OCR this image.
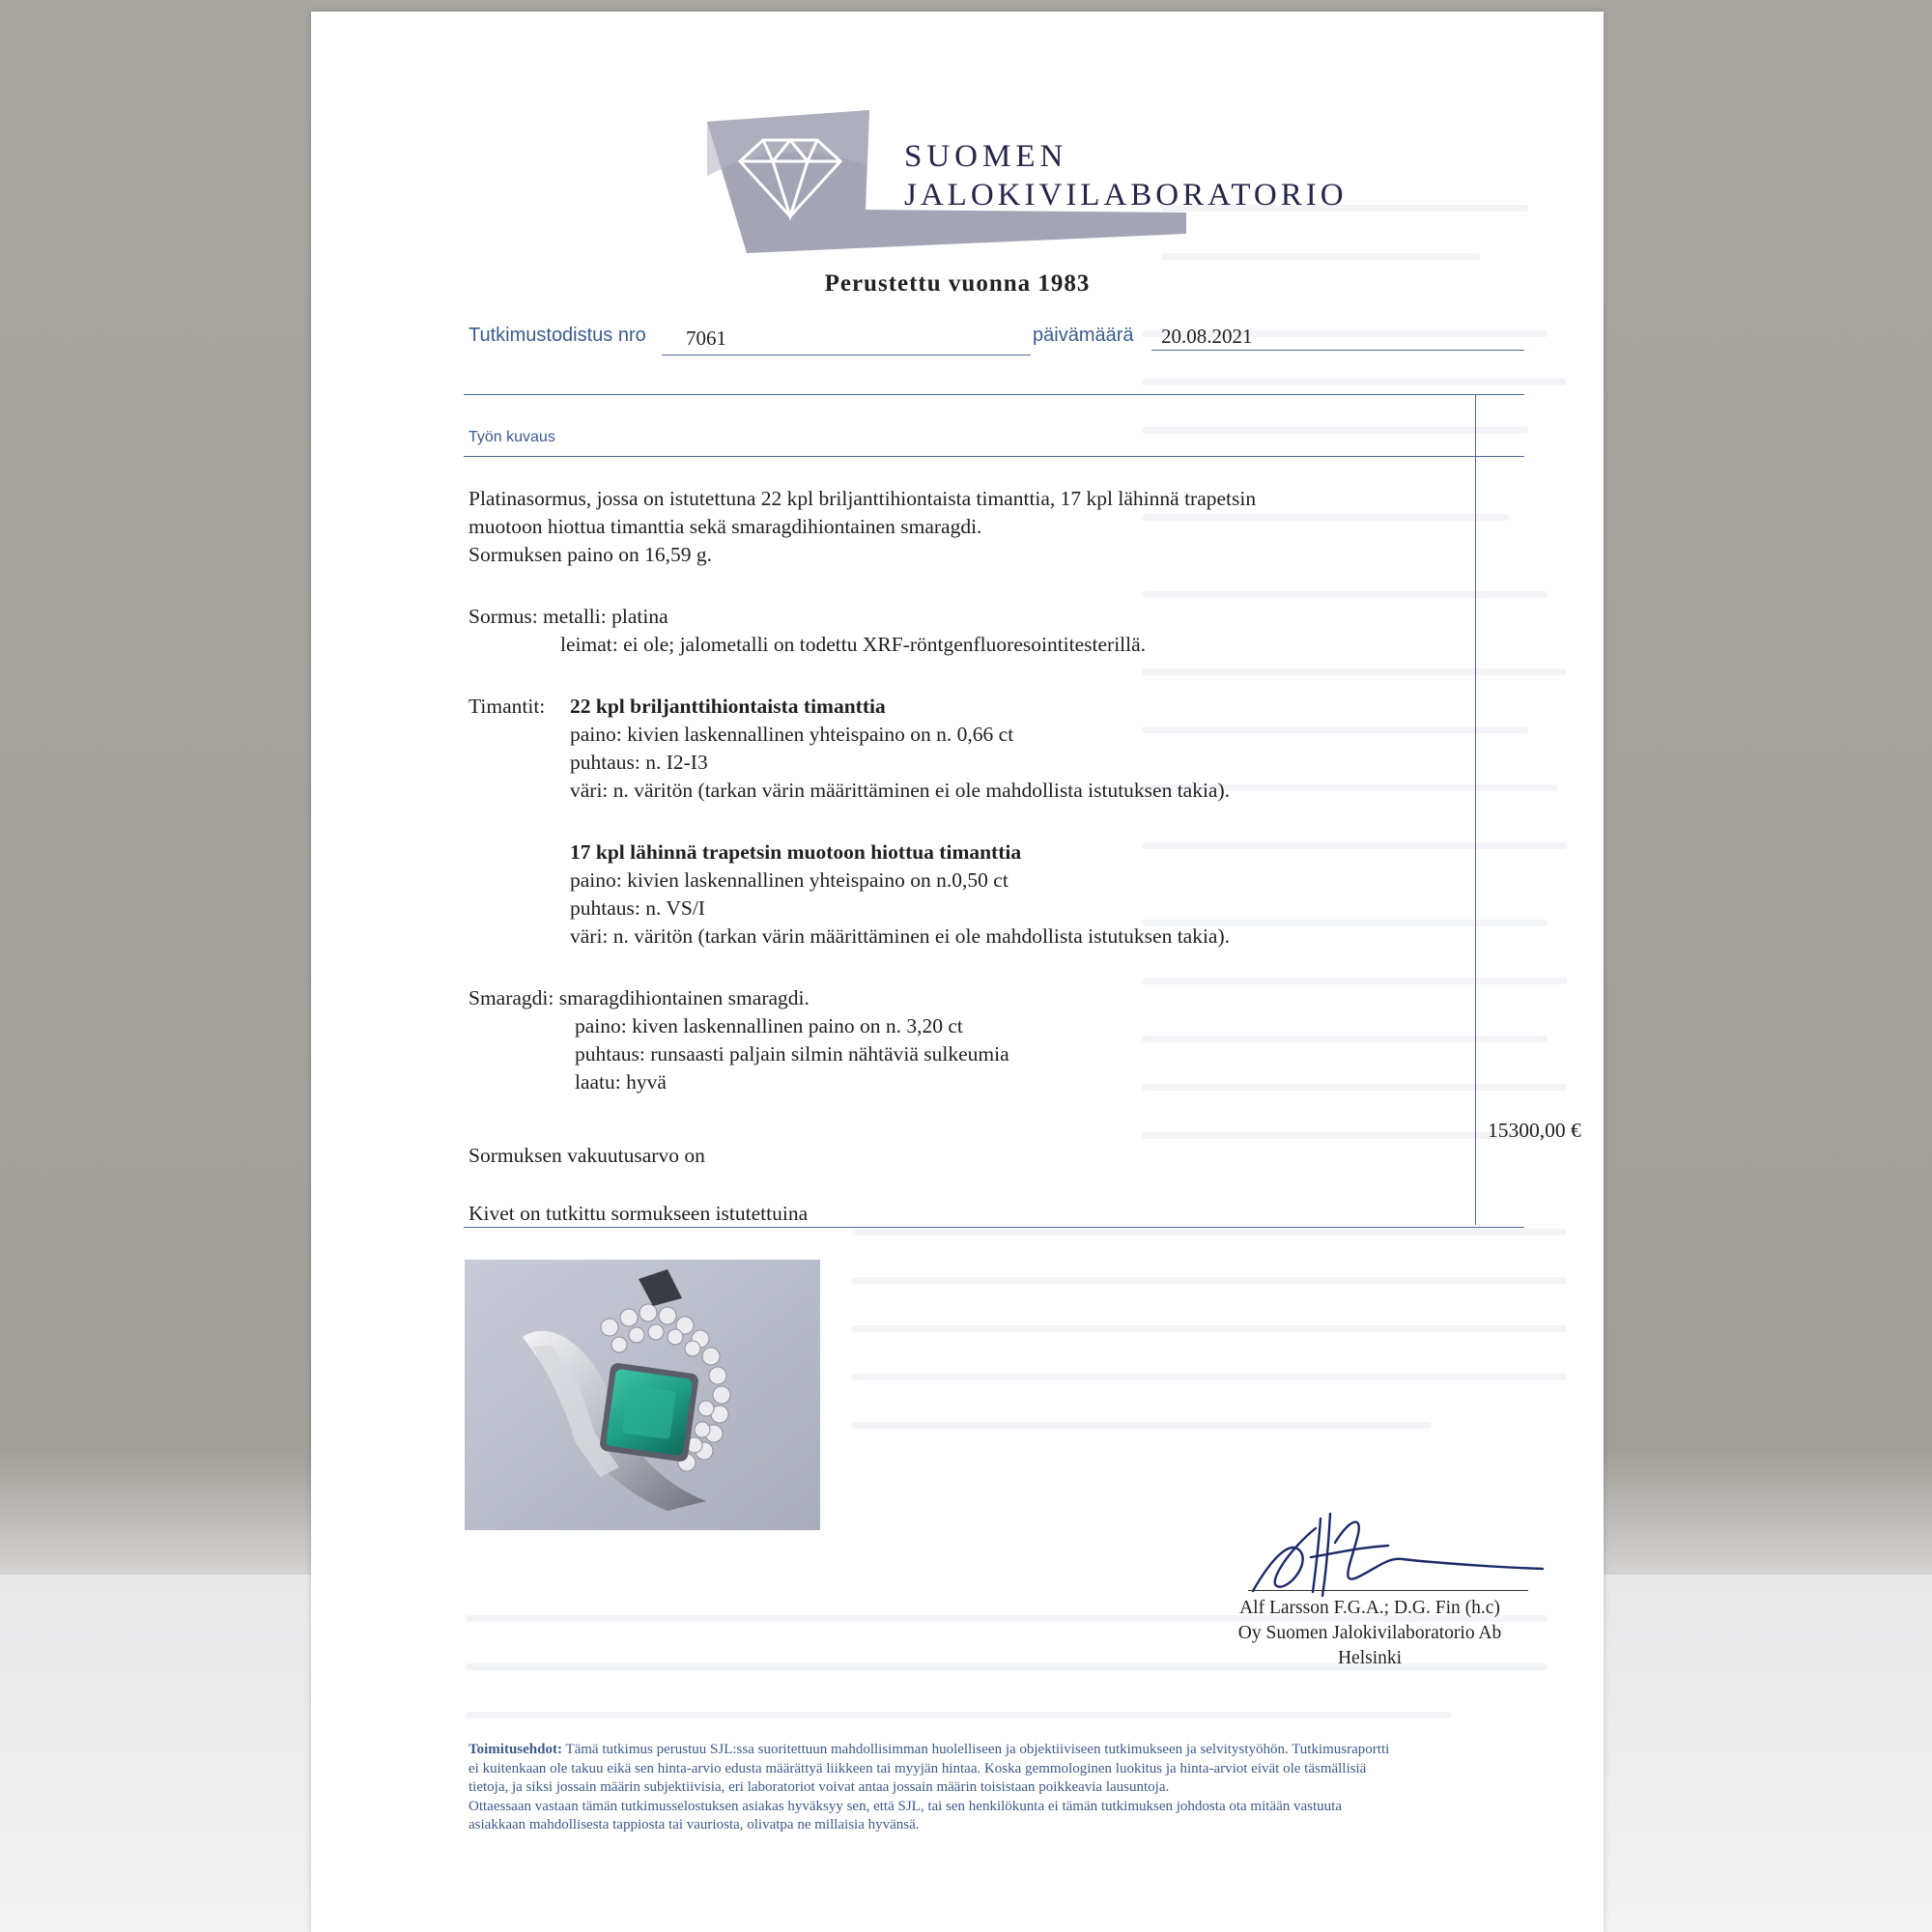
SUOMEN
JALOKIVILABORATORIO
Perustettu vuonna 1983
Tutkimustodistus nro 7061	päivämäärä 20.08.2021
Työn kuvaus
Platinasormus, jossa on istutettuna 22 kpl briljanttihiontaista timanttia, 17 kpl lähinnä trapetsin
muotoon hiottua timanttia sekä smaragdihiontainen smaragdi.
Sormuksen paino on 16,59 g.
Sormus: metalli: platina
leimat: ei ole; jalometalli on todettu XRF-röntgenfluoresointitesterillä.
Timantit: 22 kpl briljanttihiontaista timanttia
paino: kivien laskennallinen yhteispaino on n. 0,66 ct
puhtaus: n. I2-I3
väri: n. väritön (tarkan värin määrittäminen ei ole mahdollista istutuksen takia).
17 kpl lähinnä trapetsin muotoon hiottua timanttia
paino: kivien laskennallinen yhteispaino on n.0,50 ct
puhtaus: n. VS/I
väri: n. väritön (tarkan värin määrittäminen ei ole mahdollista istutuksen takia).
Smaragdi: smaragdihiontainen smaragdi.
paino: kiven laskennallinen paino on n. 3,20 ct
puhtaus: runsaasti paljain silmin nähtäviä sulkeumia
laatu: hyvä
15300,00 €
Sormuksen vakuutusarvo on
Kivet on tutkittu sormukseen istutettuina
Alf Larsson F.G.A.; D.G. Fin (h.c)
Oy Suomen Jalokivilaboratorio Ab
Helsinki
Toimitusehdot: Tämä tutkimus perustuu SJL:ssa suoritettuun mahdollisimman huolelliseen ja objektiiviseen tutkimukseen ja selvitystyöhön. Tutkimusraportti
ei kuitenkaan ole takuu eikä sen hinta-arvio edusta määrättyä liikkeen tai myyjän hintaa. Koska gemmologinen luokitus ja hinta-arviot eivät ole täsmällisiä
tietoja, ja siksi jossain määrin subjektiivisia, eri laboratoriot voivat antaa jossain määrin toisistaan poikkeavia lausuntoja.
Ottaessaan vastaan tämän tutkimusselostuksen asiakas hyväksyy sen, että SJL, tai sen henkilökunta ei tämän tutkimuksen johdosta ota mitään vastuuta
asiakkaan mahdollisesta tappiosta tai vauriosta, olivatpa ne millaisia hyvänsä.
